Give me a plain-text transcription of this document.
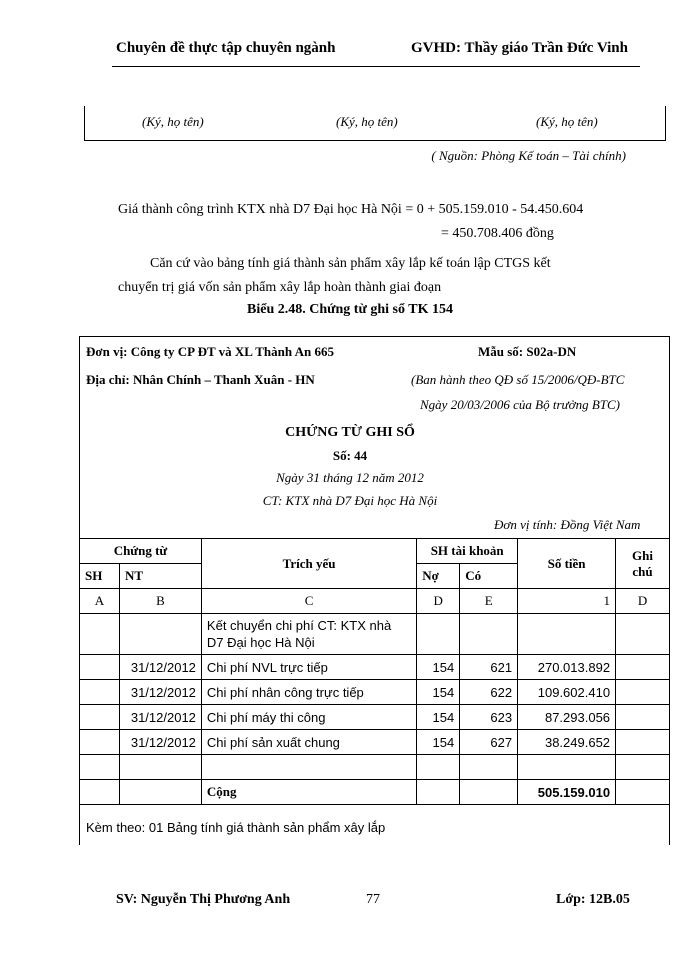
Chuyên đề thực tập chuyên ngành	GVHD: Thầy giáo Trần Đức Vinh
(Ký, họ tên)	(Ký, họ tên)	(Ký, họ tên)
( Nguồn: Phòng Kế toán – Tài chính)
Giá thành công trình KTX nhà D7 Đại học Hà Nội = 0 + 505.159.010 - 54.450.604
= 450.708.406 đồng
Căn cứ vào bảng tính giá thành sản phẩm xây lắp kế toán lập CTGS kết
chuyển trị giá vốn sản phẩm xây lắp hoàn thành giai đoạn
Biểu 2.48. Chứng từ ghi sổ TK 154
Đơn vị: Công ty CP ĐT và XL Thành An 665	Mẫu số: S02a-DN
Địa chỉ: Nhân Chính – Thanh Xuân - HN	(Ban hành theo QĐ số 15/2006/QĐ-BTC
Ngày 20/03/2006 của Bộ trưởng BTC)
CHỨNG TỪ GHI SỔ
Số: 44
Ngày 31 tháng 12 năm 2012
CT: KTX nhà D7 Đại học Hà Nội
Đơn vị tính: Đồng Việt Nam
Chứng từ		Trích yếu	SH tài khoản		Số tiền	Ghi chú
SH	NT		Nợ	Có		
A	B	C	D	E	1	D
		Kết chuyển chi phí CT: KTX nhà D7 Đại học Hà Nội				
	31/12/2012	Chi phí NVL trực tiếp	154	621	270.013.892	
	31/12/2012	Chi phí nhân công trực tiếp	154	622	109.602.410	
	31/12/2012	Chi phí máy thi công	154	623	87.293.056	
	31/12/2012	Chi phí sản xuất chung	154	627	38.249.652	

		Cộng			505.159.010	
Kèm theo: 01 Bảng tính giá thành sản phẩm xây lắp
SV: Nguyễn Thị Phương Anh	77	Lớp: 12B.05
